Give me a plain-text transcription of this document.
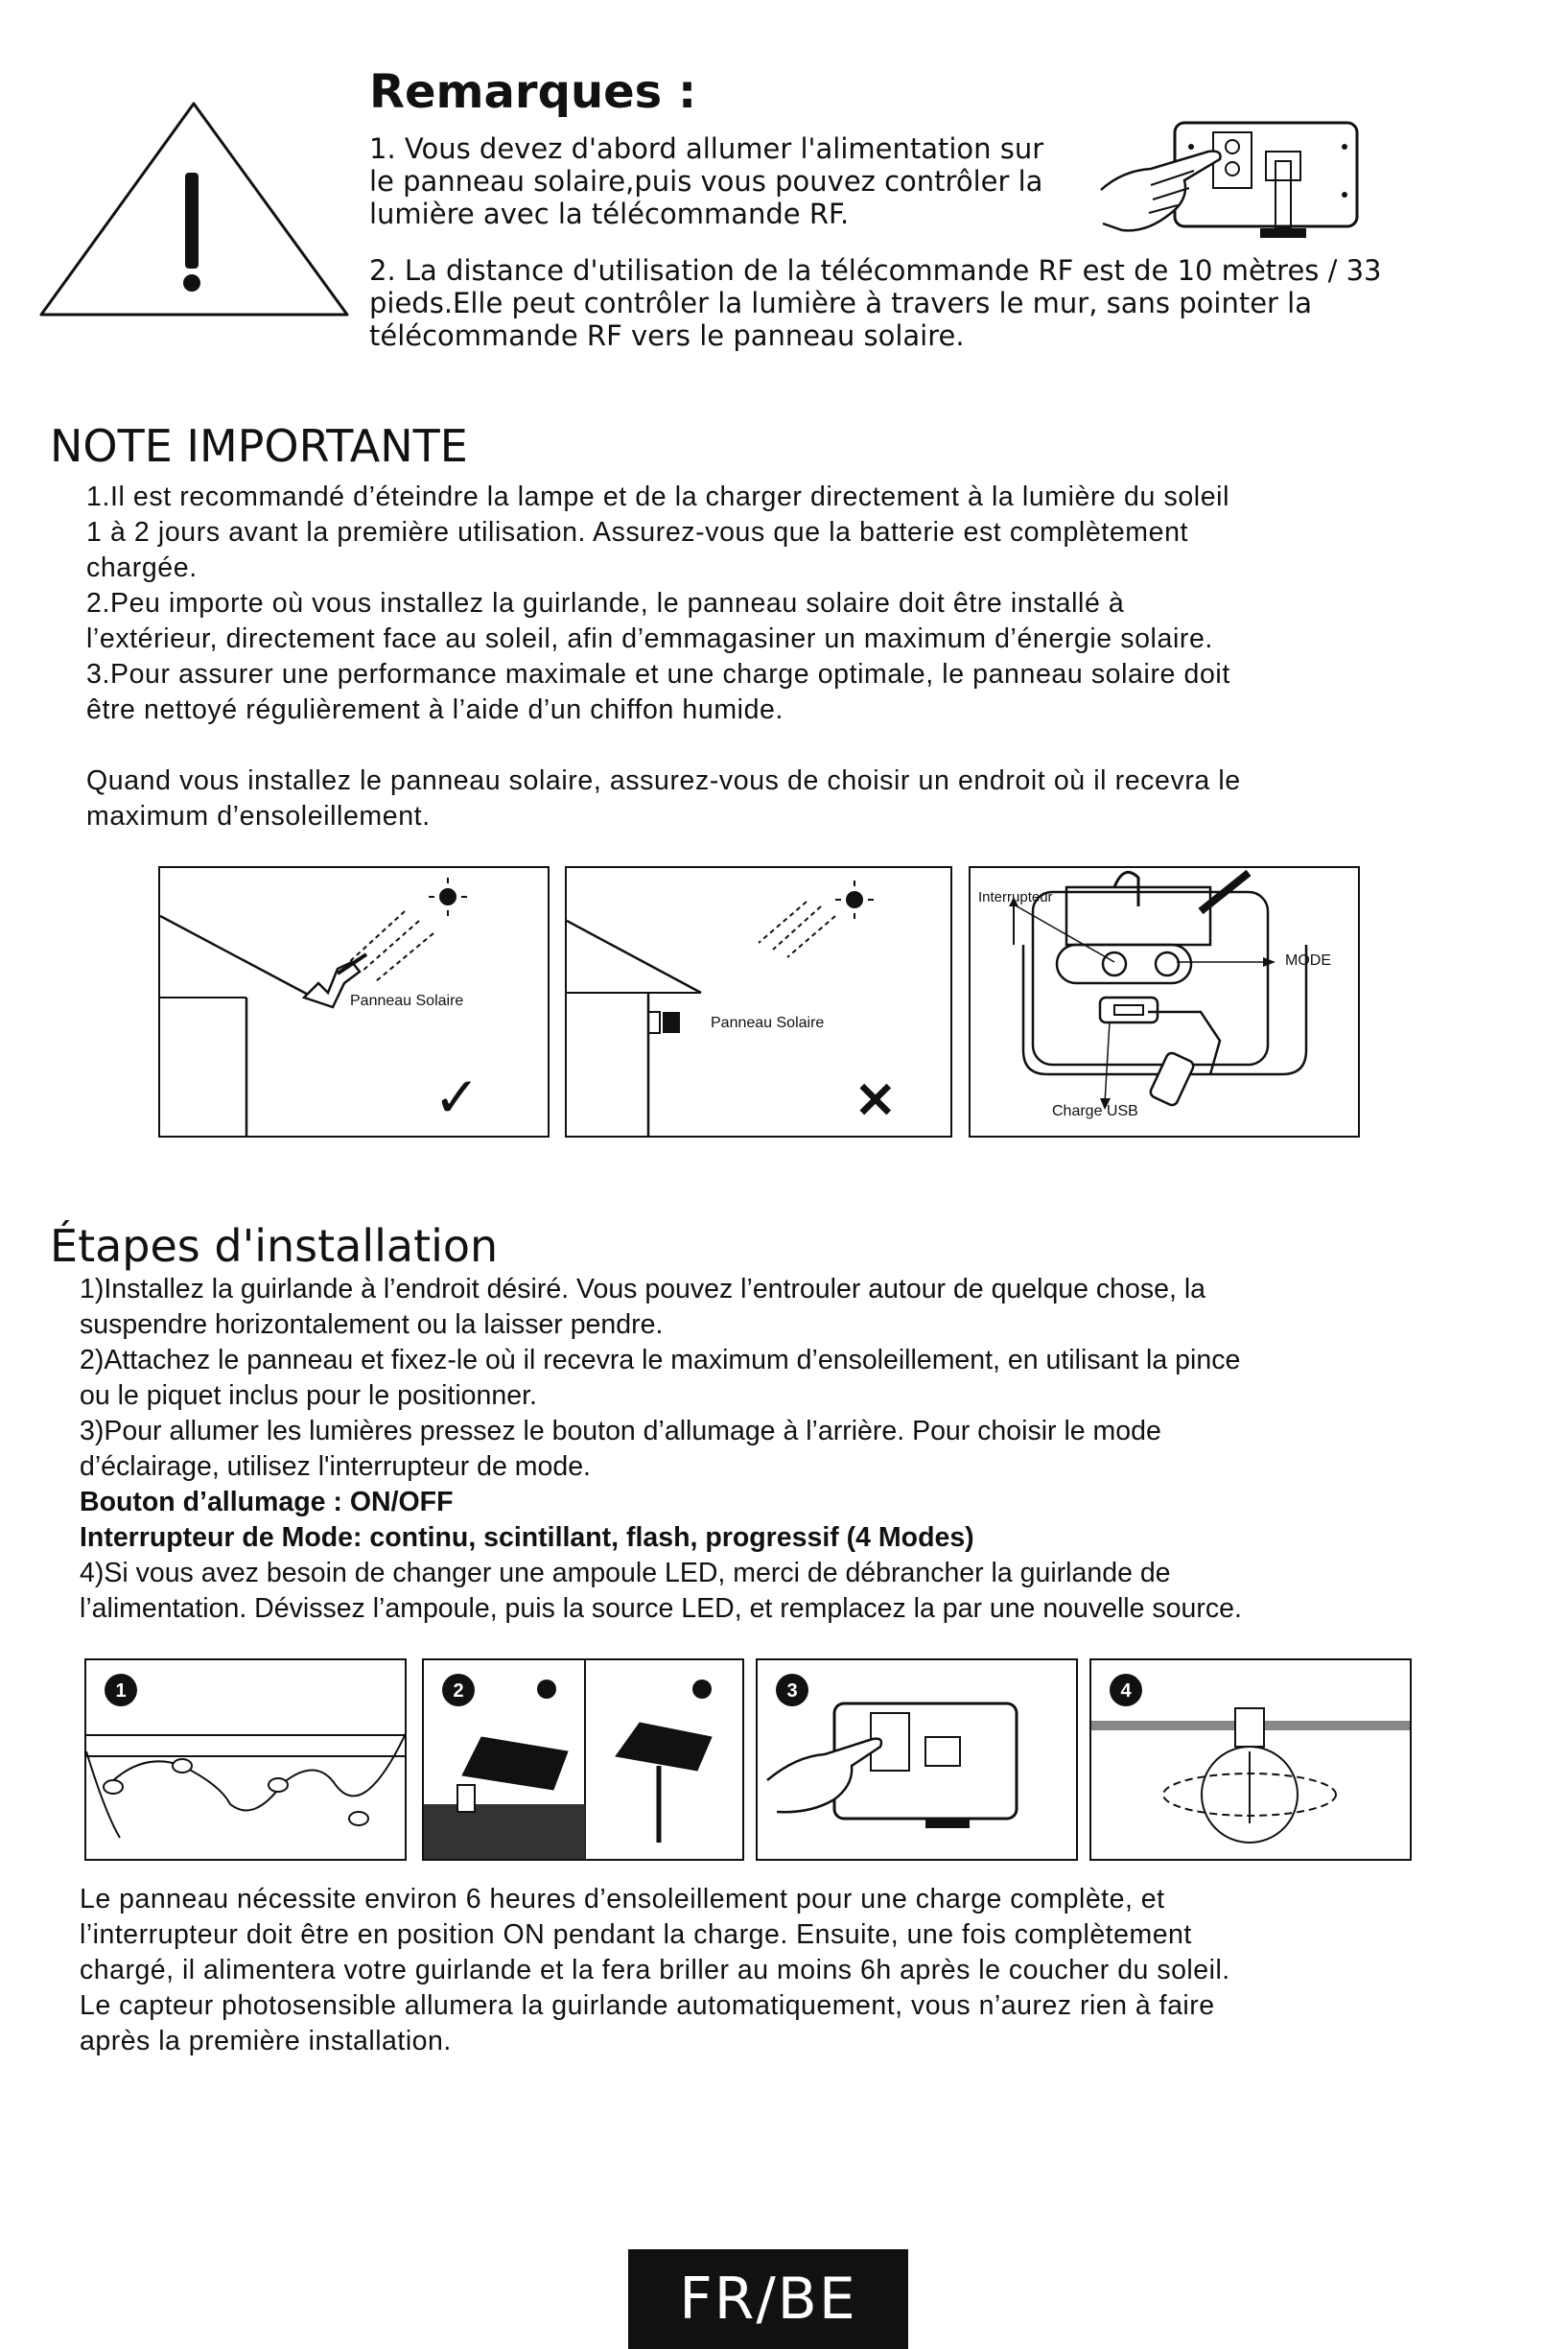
Remarques :
1. Vous devez d'abord allumer l'alimentation sur
le panneau solaire,puis vous pouvez contrôler la
lumière avec la télécommande RF.
2. La distance d'utilisation de la télécommande RF est de 10 mètres / 33
pieds.Elle peut contrôler la lumière à travers le mur, sans pointer la
télécommande RF vers le panneau solaire.
NOTE IMPORTANTE

1.Il est recommandé d’éteindre la lampe et de la charger directement à la lumière du soleil

1 à 2 jours avant la première utilisation. Assurez-vous que la batterie est complètement

chargée.

2.Peu importe où vous installez la guirlande, le panneau solaire doit être installé à

l’extérieur, directement face au soleil, afin d’emmagasiner un maximum d’énergie solaire.

3.Pour assurer une performance maximale et une charge optimale, le panneau solaire doit

être nettoyé régulièrement à l’aide d’un chiffon humide.

Quand vous installez le panneau solaire, assurez-vous de choisir un endroit où il recevra le

maximum d’ensoleillement.

Panneau Solaire
✓
Panneau Solaire
✕
Interrupteur
MODE
Charge USB
Étapes d'installation

1)Installez la guirlande à l’endroit désiré. Vous pouvez l’entrouler autour de quelque chose, la

suspendre horizontalement ou la laisser pendre.

2)Attachez le panneau et fixez-le où il recevra le maximum d’ensoleillement, en utilisant la pince

ou le piquet inclus pour le positionner.

3)Pour allumer les lumières pressez le bouton d’allumage à l’arrière. Pour choisir le mode

d’éclairage, utilisez l'interrupteur de mode.

Bouton d’allumage : ON/OFF

Interrupteur de Mode: continu, scintillant, flash, progressif (4 Modes)

4)Si vous avez besoin de changer une ampoule LED, merci de débrancher la guirlande de

l’alimentation. Dévissez l’ampoule, puis la source LED, et remplacez la par une nouvelle source.

1	2	3	4

Le panneau nécessite environ 6 heures d’ensoleillement pour une charge complète, et

l’interrupteur doit être en position ON pendant la charge. Ensuite, une fois complètement

chargé, il alimentera votre guirlande et la fera briller au moins 6h après le coucher du soleil.

Le capteur photosensible allumera la guirlande automatiquement, vous n’aurez rien à faire

après la première installation.

FR/BE
